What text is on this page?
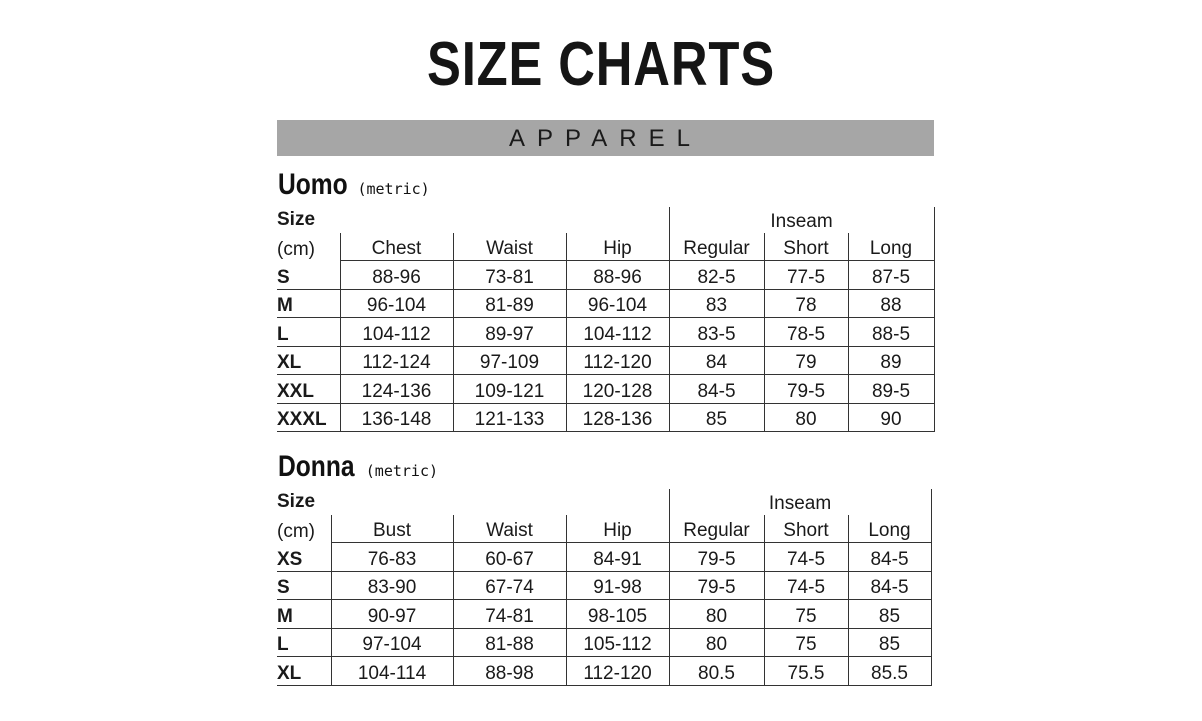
SIZE CHARTS
APPAREL
Uomo (metric)
Size				Inseam		
(cm)	Chest	Waist	Hip	Regular	Short	Long
S	88-96	73-81	88-96	82-5	77-5	87-5
M	96-104	81-89	96-104	83	78	88
L	104-112	89-97	104-112	83-5	78-5	88-5
XL	112-124	97-109	112-120	84	79	89
XXL	124-136	109-121	120-128	84-5	79-5	89-5
XXXL	136-148	121-133	128-136	85	80	90
Donna (metric)
Size				Inseam		
(cm)	Bust	Waist	Hip	Regular	Short	Long
XS	76-83	60-67	84-91	79-5	74-5	84-5
S	83-90	67-74	91-98	79-5	74-5	84-5
M	90-97	74-81	98-105	80	75	85
L	97-104	81-88	105-112	80	75	85
XL	104-114	88-98	112-120	80.5	75.5	85.5
